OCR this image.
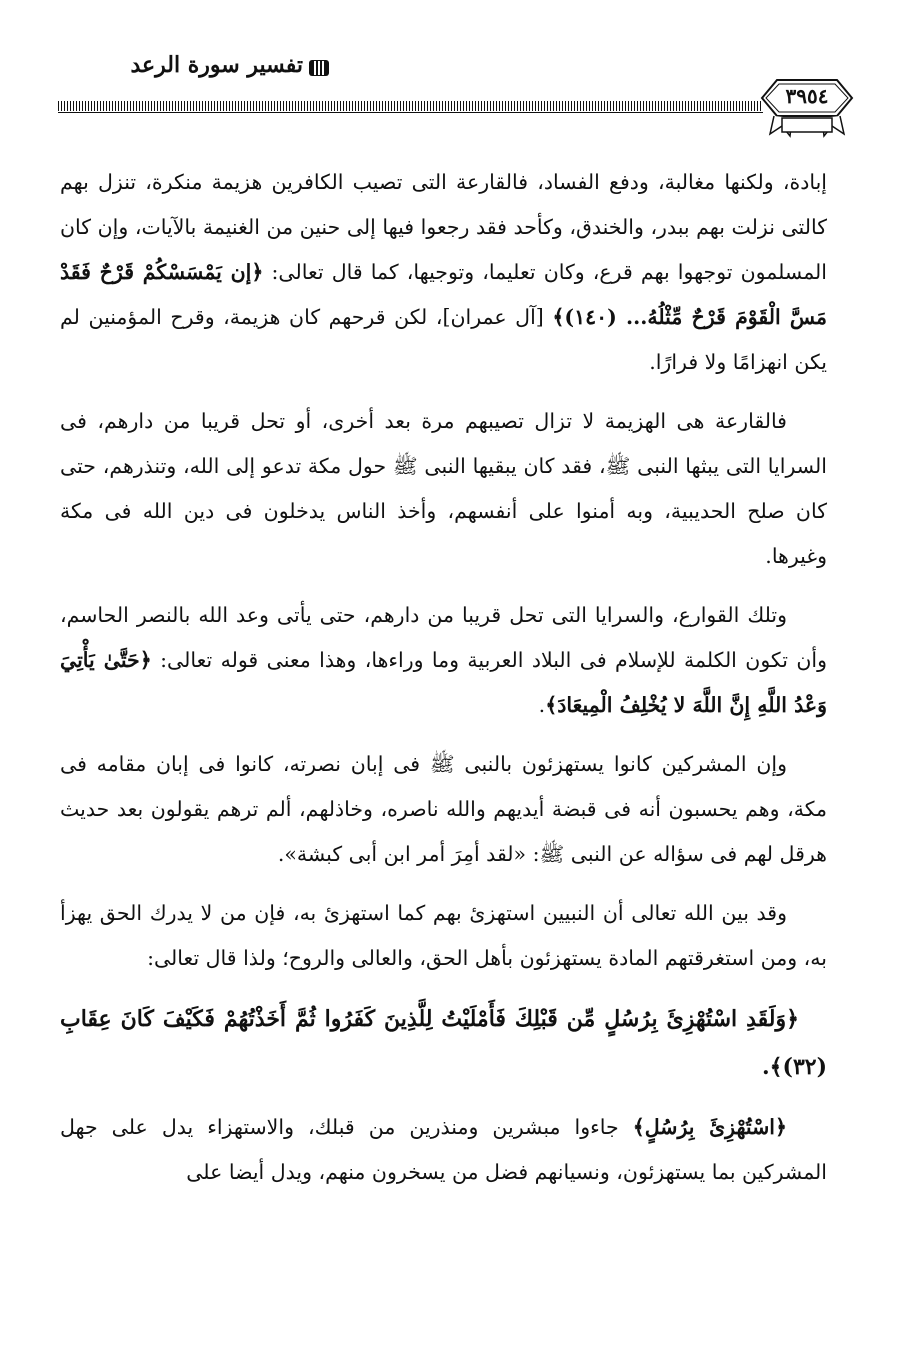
تفسير سورة الرعد
٣٩٥٤

إبادة، ولكنها مغالبة، ودفع الفساد، فالقارعة التى تصيب الكافرين هزيمة منكرة، تنزل بهم كالتى نزلت بهم ببدر، والخندق، وكأحد فقد رجعوا فيها إلى حنين من الغنيمة بالآيات، وإن كان المسلمون توجهوا بهم قرع، وكان تعليما، وتوجيها، كما قال تعالى: ﴿إن يَمْسَسْكُمْ قَرْحٌ فَقَدْ مَسَّ الْقَوْمَ قَرْحٌ مِّثْلُهُ... (١٤٠)﴾ [آل عمران]، لكن قرحهم كان هزيمة، وقرح المؤمنين لم يكن انهزامًا ولا فرارًا.

فالقارعة هى الهزيمة لا تزال تصيبهم مرة بعد أخرى، أو تحل قريبا من دارهم، فى السرايا التى يبثها النبى ﷺ، فقد كان يبقيها النبى ﷺ حول مكة تدعو إلى الله، وتنذرهم، حتى كان صلح الحديبية، وبه أمنوا على أنفسهم، وأخذ الناس يدخلون فى دين الله فى مكة وغيرها.

وتلك القوارع، والسرايا التى تحل قريبا من دارهم، حتى يأتى وعد الله بالنصر الحاسم، وأن تكون الكلمة للإسلام فى البلاد العربية وما وراءها، وهذا معنى قوله تعالى: ﴿حَتَّىٰ يَأْتِيَ وَعْدُ اللَّهِ إِنَّ اللَّهَ لا يُخْلِفُ الْمِيعَادَ﴾.

وإن المشركين كانوا يستهزئون بالنبى ﷺ فى إبان نصرته، كانوا فى إبان مقامه فى مكة، وهم يحسبون أنه فى قبضة أيديهم والله ناصره، وخاذلهم، ألم ترهم يقولون بعد حديث هرقل لهم فى سؤاله عن النبى ﷺ: «لقد أمِرَ أمر ابن أبى كبشة».

وقد بين الله تعالى أن النبيين استهزئ بهم كما استهزئ به، فإن من لا يدرك الحق يهزأ به، ومن استغرقتهم المادة يستهزئون بأهل الحق، والعالى والروح؛ ولذا قال تعالى:

﴿وَلَقَدِ اسْتُهْزِئَ بِرُسُلٍ مِّن قَبْلِكَ فَأَمْلَيْتُ لِلَّذِينَ كَفَرُوا ثُمَّ أَخَذْتُهُمْ فَكَيْفَ كَانَ عِقَابِ (٣٢)﴾.

﴿اسْتُهْزِئَ بِرُسُلٍ﴾ جاءوا مبشرين ومنذرين من قبلك، والاستهزاء يدل على جهل المشركين بما يستهزئون، ونسيانهم فضل من يسخرون منهم، ويدل أيضا على
